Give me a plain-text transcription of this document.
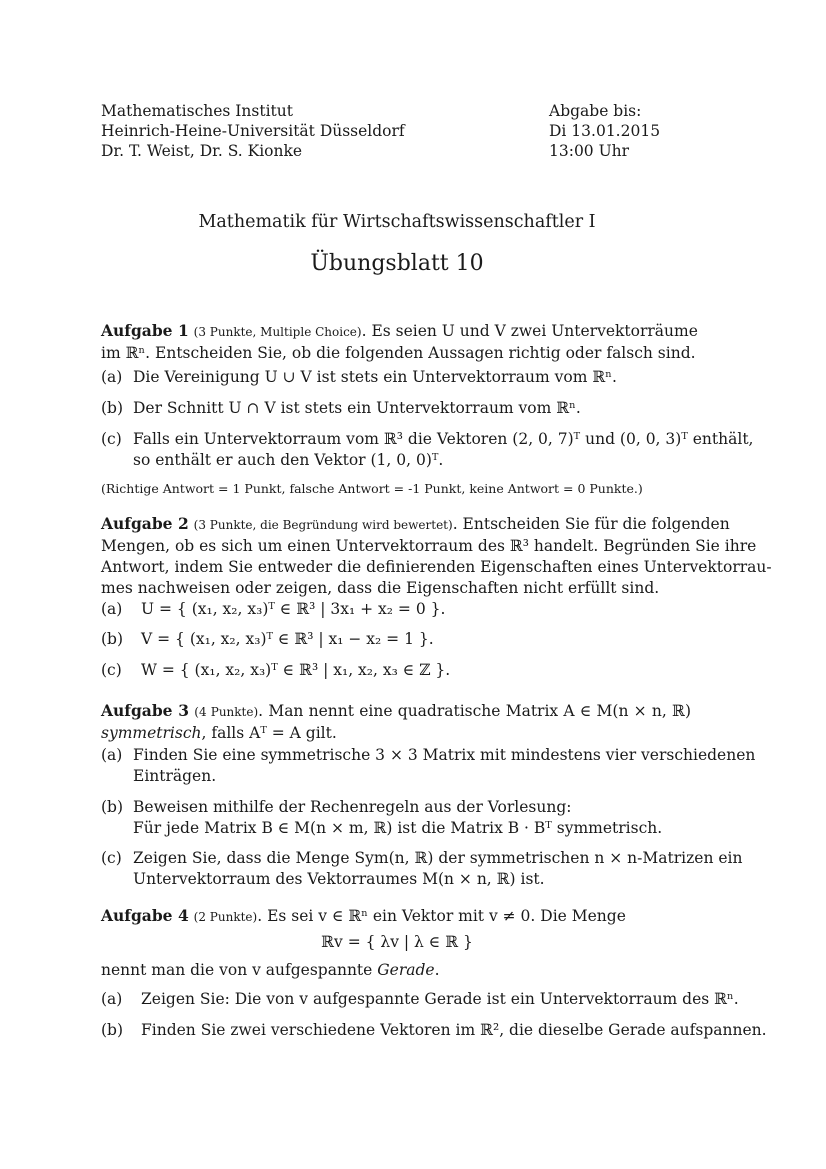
Mathematisches Institut
Heinrich-Heine-Universität Düsseldorf
Dr. T. Weist, Dr. S. Kionke
Abgabe bis:
Di 13.01.2015
13:00 Uhr
Mathematik für Wirtschaftswissenschaftler I
Übungsblatt 10
Aufgabe 1 (3 Punkte, Multiple Choice). Es seien U und V zwei Untervektorräume
im ℝⁿ. Entscheiden Sie, ob die folgenden Aussagen richtig oder falsch sind.
(a) Die Vereinigung U ∪ V ist stets ein Untervektorraum vom ℝⁿ.
(b) Der Schnitt U ∩ V ist stets ein Untervektorraum vom ℝⁿ.
(c) Falls ein Untervektorraum vom ℝ³ die Vektoren (2, 0, 7)ᵀ und (0, 0, 3)ᵀ enthält,
so enthält er auch den Vektor (1, 0, 0)ᵀ.
(Richtige Antwort = 1 Punkt, falsche Antwort = -1 Punkt, keine Antwort = 0 Punkte.)
Aufgabe 2 (3 Punkte, die Begründung wird bewertet). Entscheiden Sie für die folgenden
Mengen, ob es sich um einen Untervektorraum des ℝ³ handelt. Begründen Sie ihre
Antwort, indem Sie entweder die definierenden Eigenschaften eines Untervektorrau-
mes nachweisen oder zeigen, dass die Eigenschaften nicht erfüllt sind.
(a) U = { (x₁, x₂, x₃)ᵀ ∈ ℝ³ | 3x₁ + x₂ = 0 }.
(b) V = { (x₁, x₂, x₃)ᵀ ∈ ℝ³ | x₁ − x₂ = 1 }.
(c) W = { (x₁, x₂, x₃)ᵀ ∈ ℝ³ | x₁, x₂, x₃ ∈ ℤ }.
Aufgabe 3 (4 Punkte). Man nennt eine quadratische Matrix A ∈ M(n × n, ℝ)
symmetrisch, falls Aᵀ = A gilt.
(a) Finden Sie eine symmetrische 3 × 3 Matrix mit mindestens vier verschiedenen
Einträgen.
(b) Beweisen mithilfe der Rechenregeln aus der Vorlesung:
Für jede Matrix B ∈ M(n × m, ℝ) ist die Matrix B · Bᵀ symmetrisch.
(c) Zeigen Sie, dass die Menge Sym(n, ℝ) der symmetrischen n × n-Matrizen ein
Untervektorraum des Vektorraumes M(n × n, ℝ) ist.
Aufgabe 4 (2 Punkte). Es sei v ∈ ℝⁿ ein Vektor mit v ≠ 0. Die Menge
ℝv = { λv | λ ∈ ℝ }
nennt man die von v aufgespannte Gerade.
(a) Zeigen Sie: Die von v aufgespannte Gerade ist ein Untervektorraum des ℝⁿ.
(b) Finden Sie zwei verschiedene Vektoren im ℝ², die dieselbe Gerade aufspannen.
